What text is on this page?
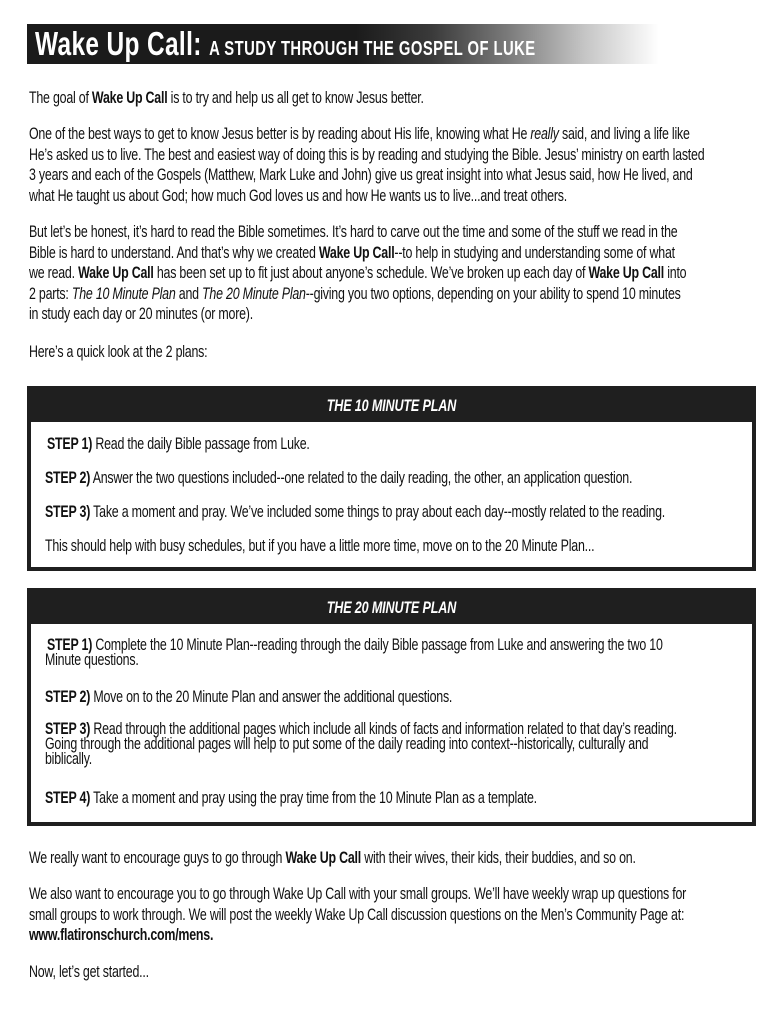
Wake Up Call: A STUDY THROUGH THE GOSPEL OF LUKE
The goal of Wake Up Call is to try and help us all get to know Jesus better.
One of the best ways to get to know Jesus better is by reading about His life, knowing what He really said, and living a life like
He’s asked us to live. The best and easiest way of doing this is by reading and studying the Bible. Jesus’ ministry on earth lasted
3 years and each of the Gospels (Matthew, Mark Luke and John) give us great insight into what Jesus said, how He lived, and
what He taught us about God; how much God loves us and how He wants us to live...and treat others.
But let’s be honest, it’s hard to read the Bible sometimes. It’s hard to carve out the time and some of the stuff we read in the
Bible is hard to understand. And that’s why we created Wake Up Call--to help in studying and understanding some of what
we read. Wake Up Call has been set up to fit just about anyone’s schedule. We’ve broken up each day of Wake Up Call into
2 parts: The 10 Minute Plan and The 20 Minute Plan--giving you two options, depending on your ability to spend 10 minutes
in study each day or 20 minutes (or more).
Here’s a quick look at the 2 plans:
THE 10 MINUTE PLAN
STEP 1) Read the daily Bible passage from Luke.
STEP 2) Answer the two questions included--one related to the daily reading, the other, an application question.
STEP 3) Take a moment and pray. We’ve included some things to pray about each day--mostly related to the reading.
This should help with busy schedules, but if you have a little more time, move on to the 20 Minute Plan...
THE 20 MINUTE PLAN
STEP 1) Complete the 10 Minute Plan--reading through the daily Bible passage from Luke and answering the two 10
Minute questions.
STEP 2) Move on to the 20 Minute Plan and answer the additional questions.
STEP 3) Read through the additional pages which include all kinds of facts and information related to that day’s reading.
Going through the additional pages will help to put some of the daily reading into context--historically, culturally and
biblically.
STEP 4) Take a moment and pray using the pray time from the 10 Minute Plan as a template.
We really want to encourage guys to go through Wake Up Call with their wives, their kids, their buddies, and so on.
We also want to encourage you to go through Wake Up Call with your small groups. We’ll have weekly wrap up questions for
small groups to work through. We will post the weekly Wake Up Call discussion questions on the Men’s Community Page at:
www.flatironschurch.com/mens.
Now, let’s get started...
